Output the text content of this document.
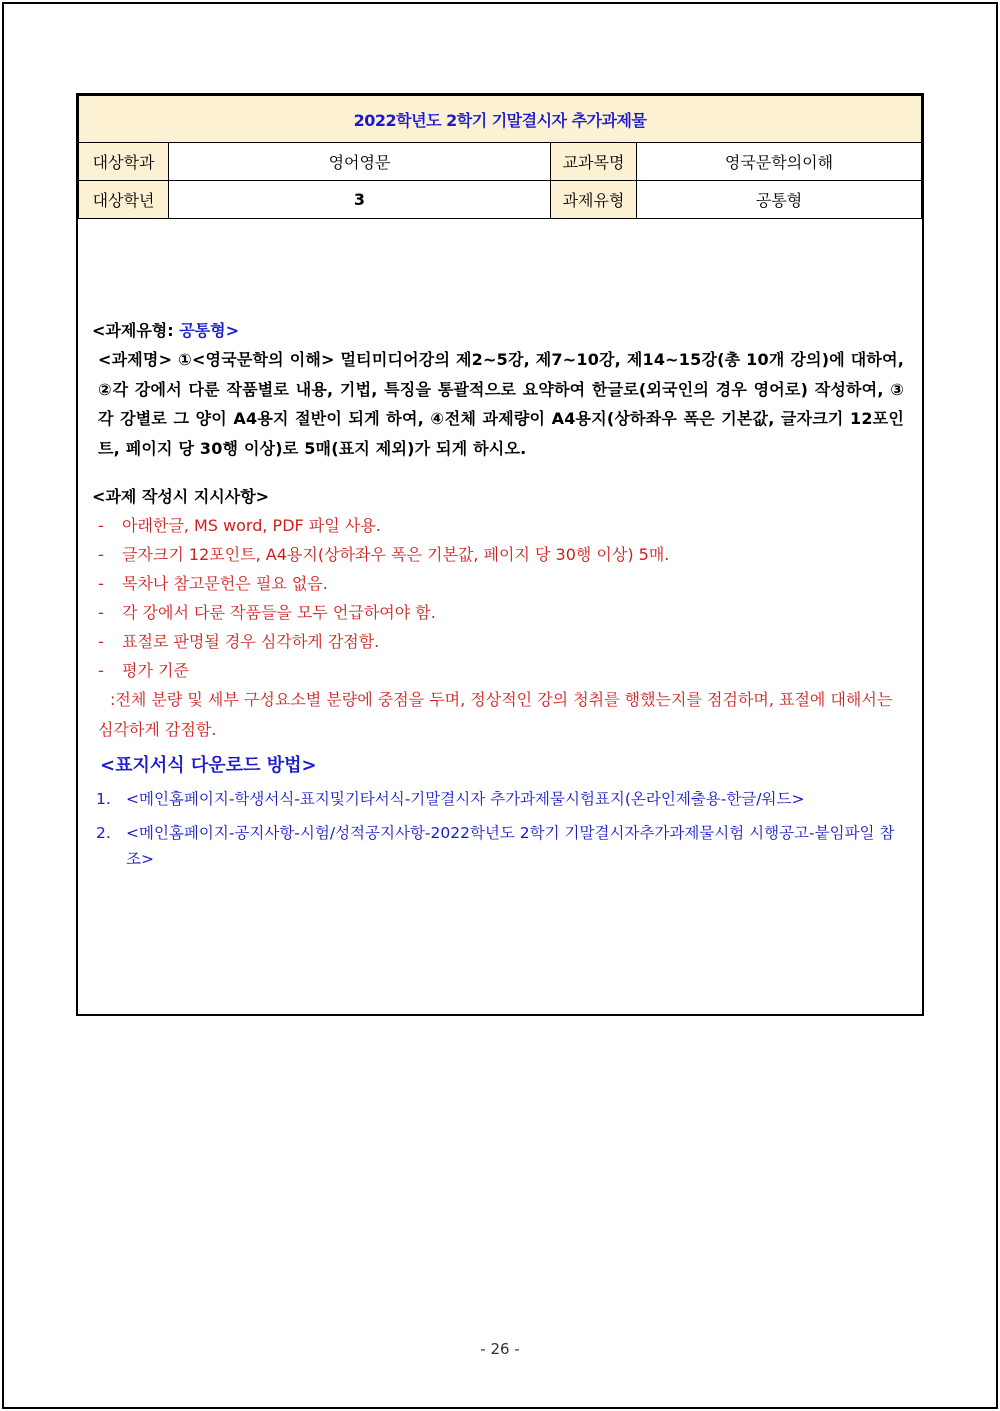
2022학년도 2학기 기말결시자 추가과제물			
대상학과	영어영문	교과목명	영국문학의이해
대상학년	3	과제유형	공통형

<과제유형: 공통형>

<과제명> ①<영국문학의 이해> 멀티미디어강의 제2~5강, 제7~10강, 제14~15강(총 10개 강의)에 대하여, ②각 강에서 다룬 작품별로 내용, 기법, 특징을 통괄적으로 요약하여 한글로(외국인의 경우 영어로) 작성하여, ③각 강별로 그 양이 A4용지 절반이 되게 하여, ④전체 과제량이 A4용지(상하좌우 폭은 기본값, 글자크기 12포인트, 페이지 당 30행 이상)로 5매(표지 제외)가 되게 하시오.

<과제 작성시 지시사항>

- 아래한글, MS word, PDF 파일 사용.
- 글자크기 12포인트, A4용지(상하좌우 폭은 기본값, 페이지 당 30행 이상) 5매.
- 목차나 참고문헌은 필요 없음.
- 각 강에서 다룬 작품들을 모두 언급하여야 함.
- 표절로 판명될 경우 심각하게 감점함.
- 평가 기준

:전체 분량 및 세부 구성요소별 분량에 중점을 두며, 정상적인 강의 청취를 행했는지를 점검하며, 표절에 대해서는 심각하게 감점함.

<표지서식 다운로드 방법>

1. <메인홈페이지-학생서식-표지및기타서식-기말결시자 추가과제물시험표지(온라인제출용-한글/워드>
2. <메인홈페이지-공지사항-시험/성적공지사항-2022학년도 2학기 기말결시자추가과제물시험 시행공고-붙임파일 참조>
- 26 -
